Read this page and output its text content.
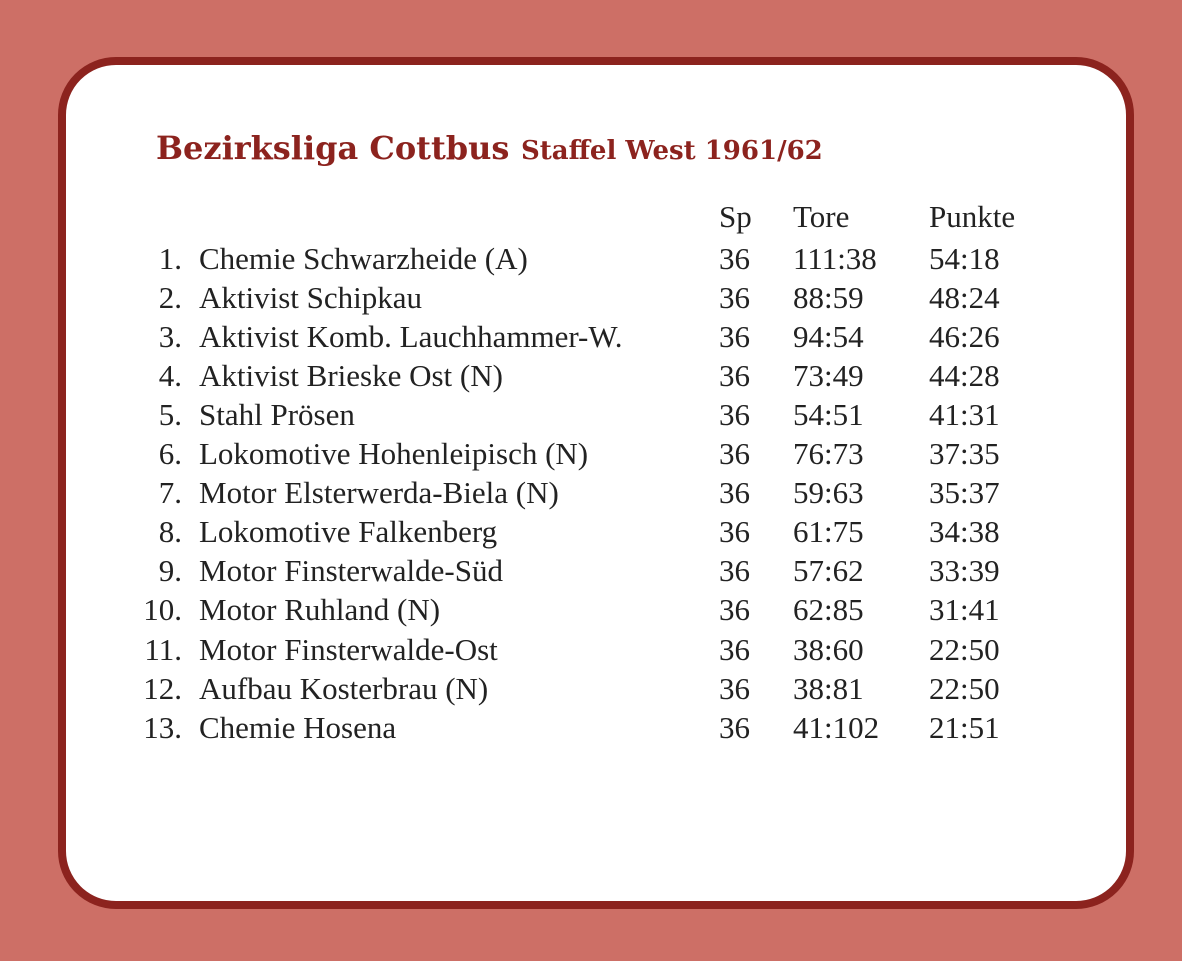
Bezirksliga Cottbus Staffel West 1961/62
Sp Tore	Punkte
1. Chemie Schwarzheide (A)	36 111:38 54:18
2. Aktivist Schipkau	36 88:59 48:24
3. Aktivist Komb. Lauchhammer-W.	36 94:54 46:26
4. Aktivist Brieske Ost (N)	36 73:49 44:28
5. Stahl Prösen	36 54:51 41:31
6. Lokomotive Hohenleipisch (N)	36 76:73 37:35
7. Motor Elsterwerda-Biela (N)	36 59:63 35:37
8. Lokomotive Falkenberg	36 61:75 34:38
9. Motor Finsterwalde-Süd	36 57:62 33:39
10. Motor Ruhland (N)	36 62:85 31:41
11. Motor Finsterwalde-Ost	36 38:60 22:50
12. Aufbau Kosterbrau (N)	36 38:81 22:50
13. Chemie Hosena	36 41:102 21:51
